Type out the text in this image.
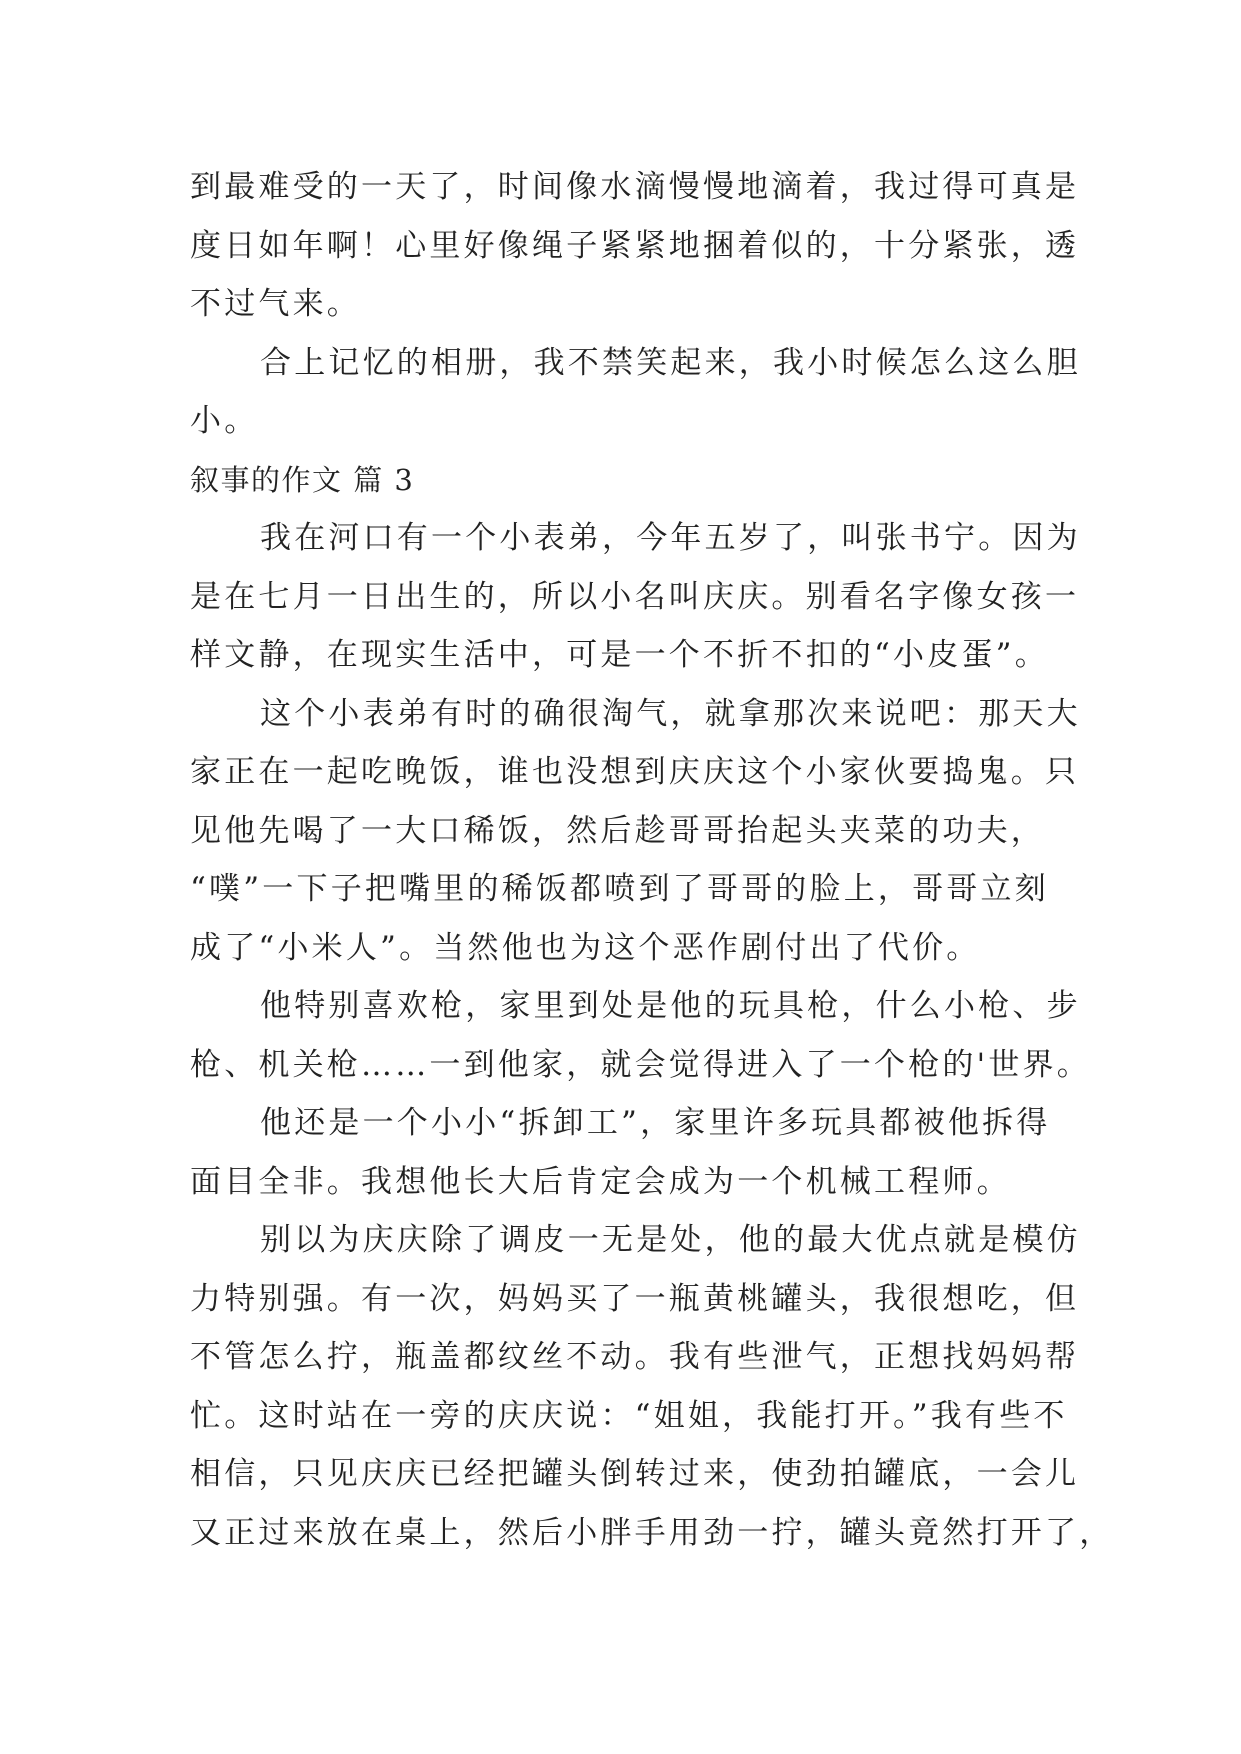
到最难受的一天了，时间像水滴慢慢地滴着，我过得可真是
度日如年啊！心里好像绳子紧紧地捆着似的，十分紧张，透
不过气来。
合上记忆的相册，我不禁笑起来，我小时候怎么这么胆
小。
叙事的作文 篇 3
我在河口有一个小表弟，今年五岁了，叫张书宁。因为
是在七月一日出生的，所以小名叫庆庆。别看名字像女孩一
样文静，在现实生活中，可是一个不折不扣的“小皮蛋”。
这个小表弟有时的确很淘气，就拿那次来说吧：那天大
家正在一起吃晚饭，谁也没想到庆庆这个小家伙要捣鬼。只
见他先喝了一大口稀饭，然后趁哥哥抬起头夹菜的功夫，
“噗”一下子把嘴里的稀饭都喷到了哥哥的脸上，哥哥立刻
成了“小米人”。当然他也为这个恶作剧付出了代价。
他特别喜欢枪，家里到处是他的玩具枪，什么小枪、步
枪、机关枪……一到他家，就会觉得进入了一个枪的'世界。
他还是一个小小“拆卸工”，家里许多玩具都被他拆得
面目全非。我想他长大后肯定会成为一个机械工程师。
别以为庆庆除了调皮一无是处，他的最大优点就是模仿
力特别强。有一次，妈妈买了一瓶黄桃罐头，我很想吃，但
不管怎么拧，瓶盖都纹丝不动。我有些泄气，正想找妈妈帮
忙。这时站在一旁的庆庆说：“姐姐，我能打开。”我有些不
相信，只见庆庆已经把罐头倒转过来，使劲拍罐底，一会儿
又正过来放在桌上，然后小胖手用劲一拧，罐头竟然打开了，
